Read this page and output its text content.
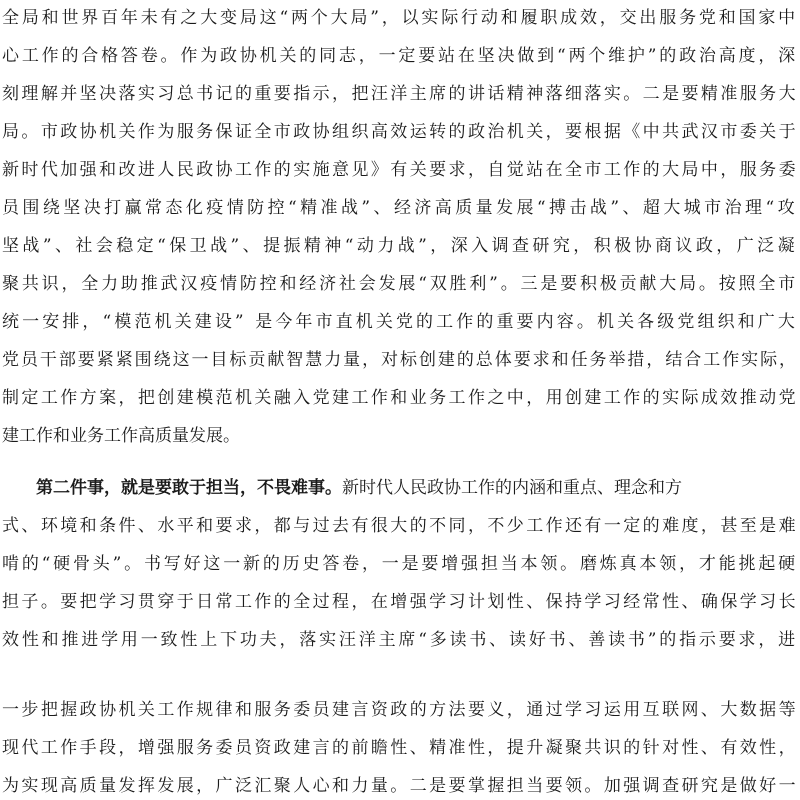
全局和世界百年未有之大变局这“两个大局”，以实际行动和履职成效，交出服务党和国家中
心工作的合格答卷。作为政协机关的同志，一定要站在坚决做到“两个维护”的政治高度，深
刻理解并坚决落实习总书记的重要指示，把汪洋主席的讲话精神落细落实。二是要精准服务大
局。市政协机关作为服务保证全市政协组织高效运转的政治机关，要根据《中共武汉市委关于
新时代加强和改进人民政协工作的实施意见》有关要求，自觉站在全市工作的大局中，服务委
员围绕坚决打赢常态化疫情防控“精准战”、经济高质量发展“搏击战”、超大城市治理“攻
坚战”、社会稳定“保卫战”、提振精神“动力战”，深入调查研究，积极协商议政，广泛凝
聚共识，全力助推武汉疫情防控和经济社会发展“双胜利”。三是要积极贡献大局。按照全市
统一安排，“模范机关建设” 是今年市直机关党的工作的重要内容。机关各级党组织和广大
党员干部要紧紧围绕这一目标贡献智慧力量，对标创建的总体要求和任务举措，结合工作实际，
制定工作方案，把创建模范机关融入党建工作和业务工作之中，用创建工作的实际成效推动党
建工作和业务工作高质量发展。
第二件事，就是要敢于担当，不畏难事。新时代人民政协工作的内涵和重点、理念和方
式、环境和条件、水平和要求，都与过去有很大的不同，不少工作还有一定的难度，甚至是难
啃的“硬骨头”。书写好这一新的历史答卷，一是要增强担当本领。磨炼真本领，才能挑起硬
担子。要把学习贯穿于日常工作的全过程，在增强学习计划性、保持学习经常性、确保学习长
效性和推进学用一致性上下功夫，落实汪洋主席“多读书、读好书、善读书”的指示要求，进
一步把握政协机关工作规律和服务委员建言资政的方法要义，通过学习运用互联网、大数据等
现代工作手段，增强服务委员资政建言的前瞻性、精准性，提升凝聚共识的针对性、有效性，
为实现高质量发挥发展，广泛汇聚人心和力量。二是要掌握担当要领。加强调查研究是做好一
